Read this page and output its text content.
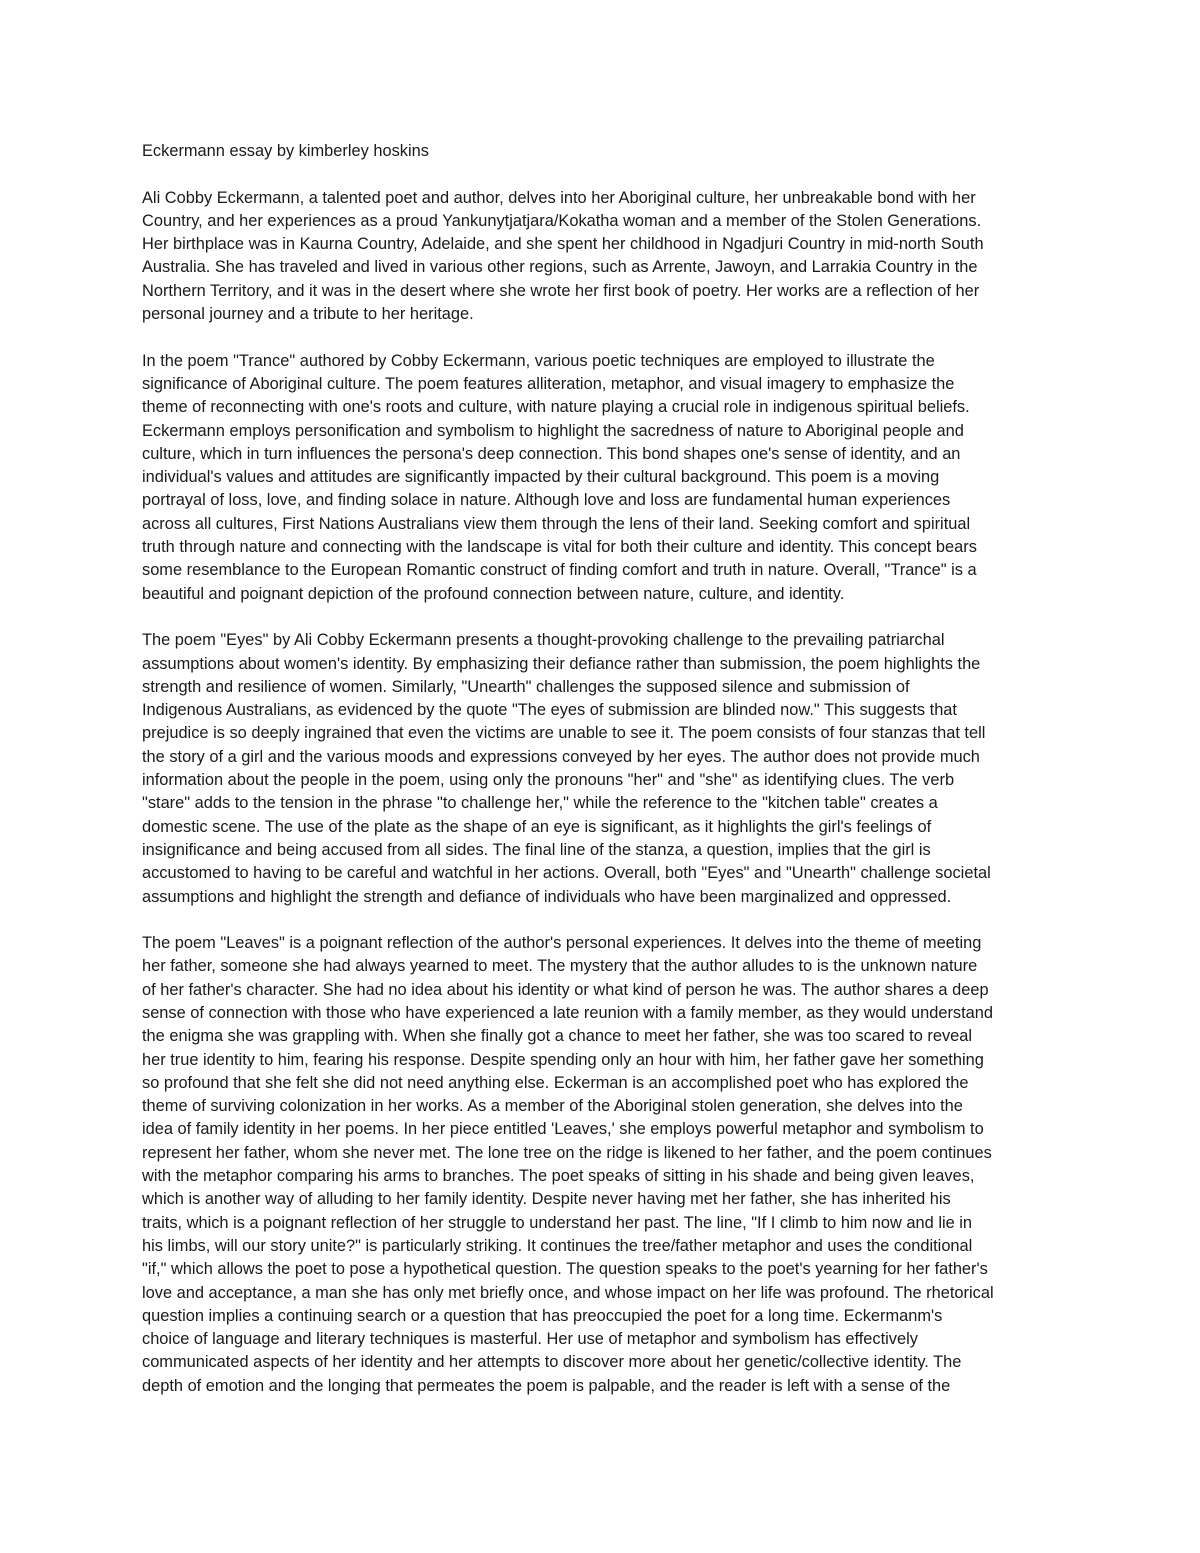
Eckermann essay by kimberley hoskins
Ali Cobby Eckermann, a talented poet and author, delves into her Aboriginal culture, her unbreakable bond with her
Country, and her experiences as a proud Yankunytjatjara/Kokatha woman and a member of the Stolen Generations.
Her birthplace was in Kaurna Country, Adelaide, and she spent her childhood in Ngadjuri Country in mid-north South
Australia. She has traveled and lived in various other regions, such as Arrente, Jawoyn, and Larrakia Country in the
Northern Territory, and it was in the desert where she wrote her first book of poetry. Her works are a reflection of her
personal journey and a tribute to her heritage.
In the poem "Trance" authored by Cobby Eckermann, various poetic techniques are employed to illustrate the
significance of Aboriginal culture. The poem features alliteration, metaphor, and visual imagery to emphasize the
theme of reconnecting with one's roots and culture, with nature playing a crucial role in indigenous spiritual beliefs.
Eckermann employs personification and symbolism to highlight the sacredness of nature to Aboriginal people and
culture, which in turn influences the persona's deep connection. This bond shapes one's sense of identity, and an
individual's values and attitudes are significantly impacted by their cultural background. This poem is a moving
portrayal of loss, love, and finding solace in nature. Although love and loss are fundamental human experiences
across all cultures, First Nations Australians view them through the lens of their land. Seeking comfort and spiritual
truth through nature and connecting with the landscape is vital for both their culture and identity. This concept bears
some resemblance to the European Romantic construct of finding comfort and truth in nature. Overall, "Trance" is a
beautiful and poignant depiction of the profound connection between nature, culture, and identity.
The poem "Eyes" by Ali Cobby Eckermann presents a thought-provoking challenge to the prevailing patriarchal
assumptions about women's identity. By emphasizing their defiance rather than submission, the poem highlights the
strength and resilience of women. Similarly, "Unearth" challenges the supposed silence and submission of
Indigenous Australians, as evidenced by the quote "The eyes of submission are blinded now." This suggests that
prejudice is so deeply ingrained that even the victims are unable to see it. The poem consists of four stanzas that tell
the story of a girl and the various moods and expressions conveyed by her eyes. The author does not provide much
information about the people in the poem, using only the pronouns "her" and "she" as identifying clues. The verb
"stare" adds to the tension in the phrase "to challenge her," while the reference to the "kitchen table" creates a
domestic scene. The use of the plate as the shape of an eye is significant, as it highlights the girl's feelings of
insignificance and being accused from all sides. The final line of the stanza, a question, implies that the girl is
accustomed to having to be careful and watchful in her actions. Overall, both "Eyes" and "Unearth" challenge societal
assumptions and highlight the strength and defiance of individuals who have been marginalized and oppressed.
The poem "Leaves" is a poignant reflection of the author's personal experiences. It delves into the theme of meeting
her father, someone she had always yearned to meet. The mystery that the author alludes to is the unknown nature
of her father's character. She had no idea about his identity or what kind of person he was. The author shares a deep
sense of connection with those who have experienced a late reunion with a family member, as they would understand
the enigma she was grappling with. When she finally got a chance to meet her father, she was too scared to reveal
her true identity to him, fearing his response. Despite spending only an hour with him, her father gave her something
so profound that she felt she did not need anything else. Eckerman is an accomplished poet who has explored the
theme of surviving colonization in her works. As a member of the Aboriginal stolen generation, she delves into the
idea of family identity in her poems. In her piece entitled 'Leaves,' she employs powerful metaphor and symbolism to
represent her father, whom she never met. The lone tree on the ridge is likened to her father, and the poem continues
with the metaphor comparing his arms to branches. The poet speaks of sitting in his shade and being given leaves,
which is another way of alluding to her family identity. Despite never having met her father, she has inherited his
traits, which is a poignant reflection of her struggle to understand her past. The line, "If I climb to him now and lie in
his limbs, will our story unite?" is particularly striking. It continues the tree/father metaphor and uses the conditional
"if," which allows the poet to pose a hypothetical question. The question speaks to the poet's yearning for her father's
love and acceptance, a man she has only met briefly once, and whose impact on her life was profound. The rhetorical
question implies a continuing search or a question that has preoccupied the poet for a long time. Eckermanm's
choice of language and literary techniques is masterful. Her use of metaphor and symbolism has effectively
communicated aspects of her identity and her attempts to discover more about her genetic/collective identity. The
depth of emotion and the longing that permeates the poem is palpable, and the reader is left with a sense of the
